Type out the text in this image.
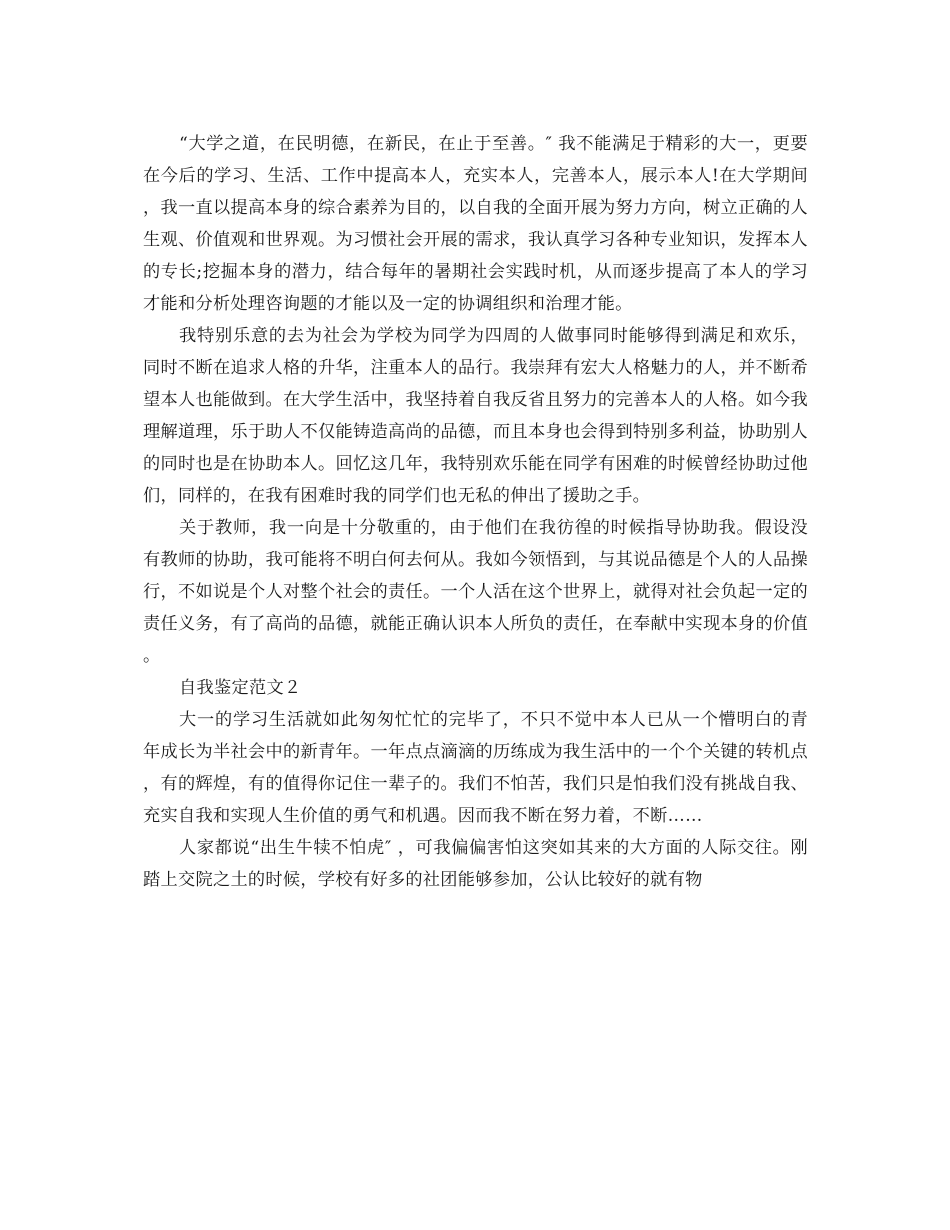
“大学之道，在民明德，在新民，在止于至善。″ 我不能满足于精彩的大一，更要在今后的学习、生活、工作中提高本人，充实本人，完善本人，展示本人!在大学期间，我一直以提高本身的综合素养为目的，以自我的全面开展为努力方向，树立正确的人生观、价值观和世界观。为习惯社会开展的需求，我认真学习各种专业知识，发挥本人的专长;挖掘本身的潜力，结合每年的暑期社会实践时机，从而逐步提高了本人的学习才能和分析处理咨询题的才能以及一定的协调组织和治理才能。

我特别乐意的去为社会为学校为同学为四周的人做事同时能够得到满足和欢乐，同时不断在追求人格的升华，注重本人的品行。我崇拜有宏大人格魅力的人，并不断希望本人也能做到。在大学生活中，我坚持着自我反省且努力的完善本人的人格。如今我理解道理，乐于助人不仅能铸造高尚的品德，而且本身也会得到特别多利益，协助别人的同时也是在协助本人。回忆这几年，我特别欢乐能在同学有困难的时候曾经协助过他们，同样的，在我有困难时我的同学们也无私的伸出了援助之手。

关于教师，我一向是十分敬重的，由于他们在我彷徨的时候指导协助我。假设没有教师的协助，我可能将不明白何去何从。我如今领悟到，与其说品德是个人的人品操行，不如说是个人对整个社会的责任。一个人活在这个世界上，就得对社会负起一定的责任义务，有了高尚的品德，就能正确认识本人所负的责任，在奉献中实现本身的价值。

自我鉴定范文２

大一的学习生活就如此匆匆忙忙的完毕了，不只不觉中本人已从一个懵明白的青年成长为半社会中的新青年。一年点点滴滴的历练成为我生活中的一个个关键的转机点，有的辉煌，有的值得你记住一辈子的。我们不怕苦，我们只是怕我们没有挑战自我、充实自我和实现人生价值的勇气和机遇。因而我不断在努力着，不断……

人家都说“出生牛犊不怕虎″ ，可我偏偏害怕这突如其来的大方面的人际交往。刚踏上交院之土的时候，学校有好多的社团能够参加，公认比较好的就有物
